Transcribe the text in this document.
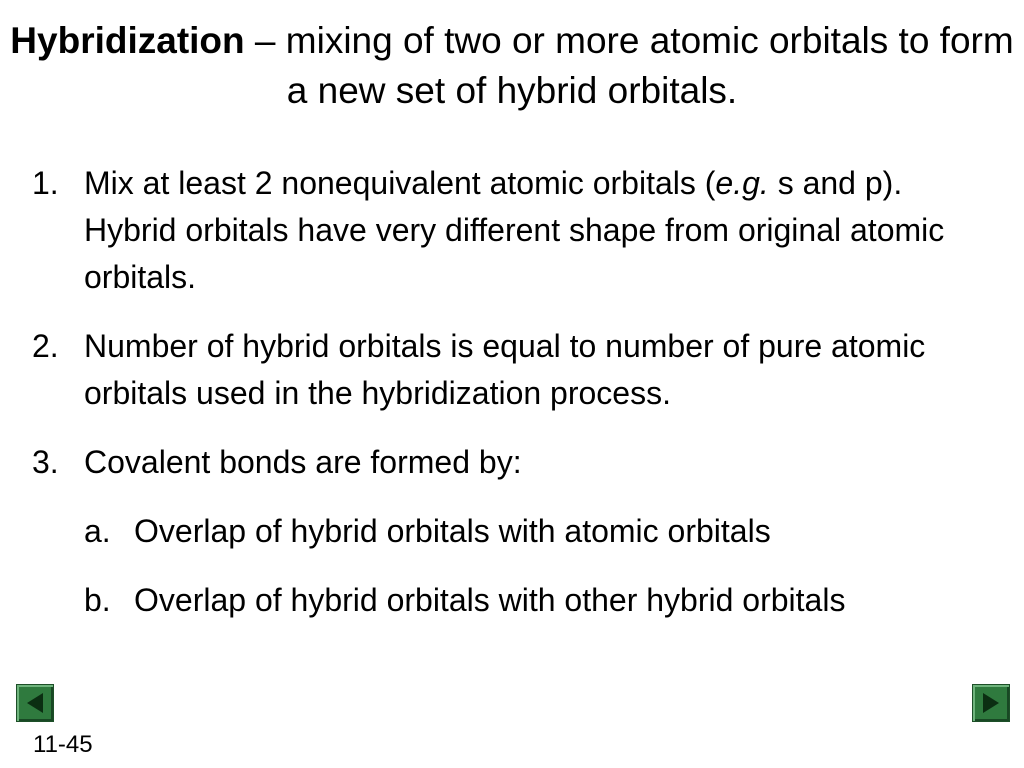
Hybridization – mixing of two or more atomic orbitals to form a new set of hybrid orbitals.
1. Mix at least 2 nonequivalent atomic orbitals (e.g. s and p). Hybrid orbitals have very different shape from original atomic orbitals.
2. Number of hybrid orbitals is equal to number of pure atomic orbitals used in the hybridization process.
3. Covalent bonds are formed by:
a. Overlap of hybrid orbitals with atomic orbitals
b. Overlap of hybrid orbitals with other hybrid orbitals
11-45
